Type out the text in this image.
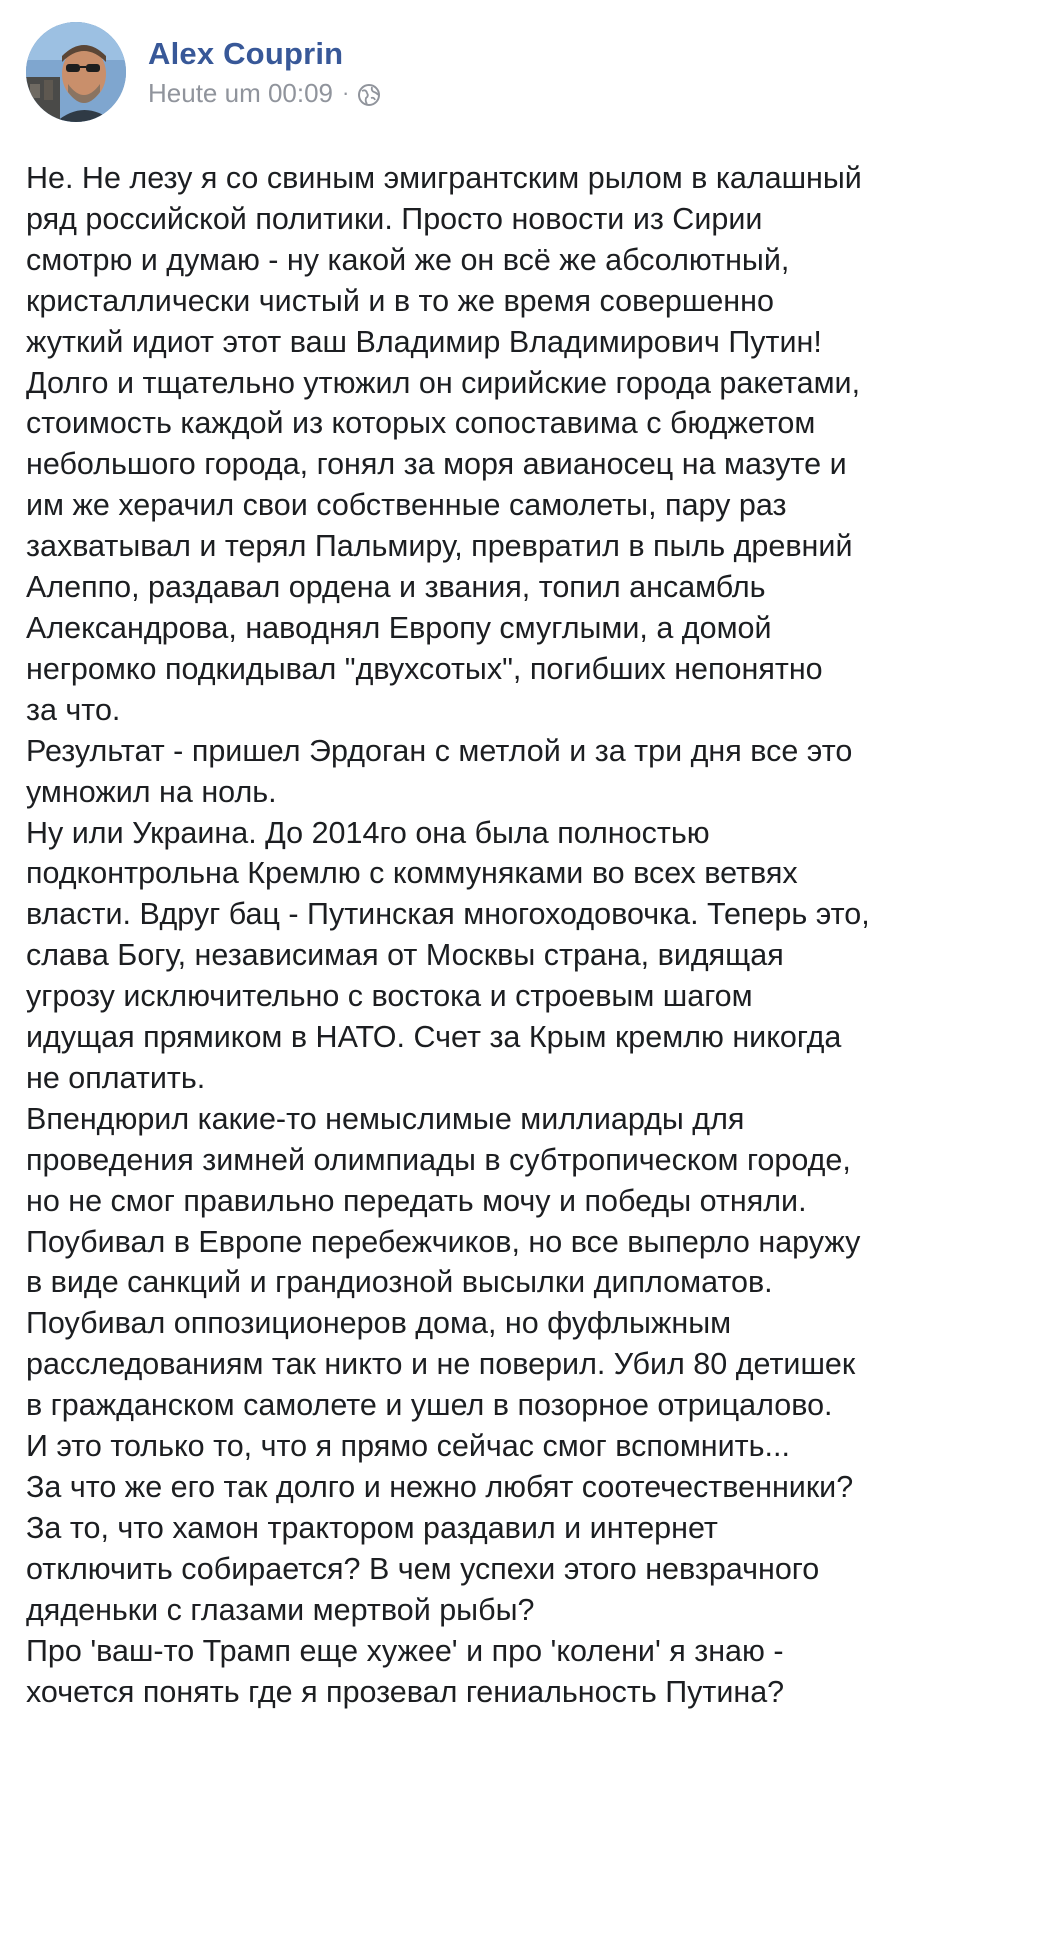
Alex Couprin
Heute um 00:09 ·
Не. Не лезу я со свиным эмигрантским рылом в калашный
ряд российской политики. Просто новости из Сирии
смотрю и думаю - ну какой же он всё же абсолютный,
кристаллически чистый и в то же время совершенно
жуткий идиот этот ваш Владимир Владимирович Путин!
Долго и тщательно утюжил он сирийские города ракетами,
стоимость каждой из которых сопоставима с бюджетом
небольшого города, гонял за моря авианосец на мазуте и
им же херачил свои собственные самолеты, пару раз
захватывал и терял Пальмиру, превратил в пыль древний
Алеппо, раздавал ордена и звания, топил ансамбль
Александрова, наводнял Европу смуглыми, а домой
негромко подкидывал "двухсотых", погибших непонятно
за что.
Результат - пришел Эрдоган с метлой и за три дня все это
умножил на ноль.
Ну или Украина. До 2014го она была полностью
подконтрольна Кремлю с коммуняками во всех ветвях
власти. Вдруг бац - Путинская многоходовочка. Теперь это,
слава Богу, независимая от Москвы страна, видящая
угрозу исключительно с востока и строевым шагом
идущая прямиком в НАТО. Счет за Крым кремлю никогда
не оплатить.
Впендюрил какие-то немыслимые миллиарды для
проведения зимней олимпиады в субтропическом городе,
но не смог правильно передать мочу и победы отняли.
Поубивал в Европе перебежчиков, но все выперло наружу
в виде санкций и грандиозной высылки дипломатов.
Поубивал оппозиционеров дома, но фуфлыжным
расследованиям так никто и не поверил. Убил 80 детишек
в гражданском самолете и ушел в позорное отрицалово.
И это только то, что я прямо сейчас смог вспомнить...
За что же его так долго и нежно любят соотечественники?
За то, что хамон трактором раздавил и интернет
отключить собирается? В чем успехи этого невзрачного
дяденьки с глазами мертвой рыбы?
Про 'ваш-то Трамп еще хужее' и про 'колени' я знаю -
хочется понять где я прозевал гениальность Путина?
